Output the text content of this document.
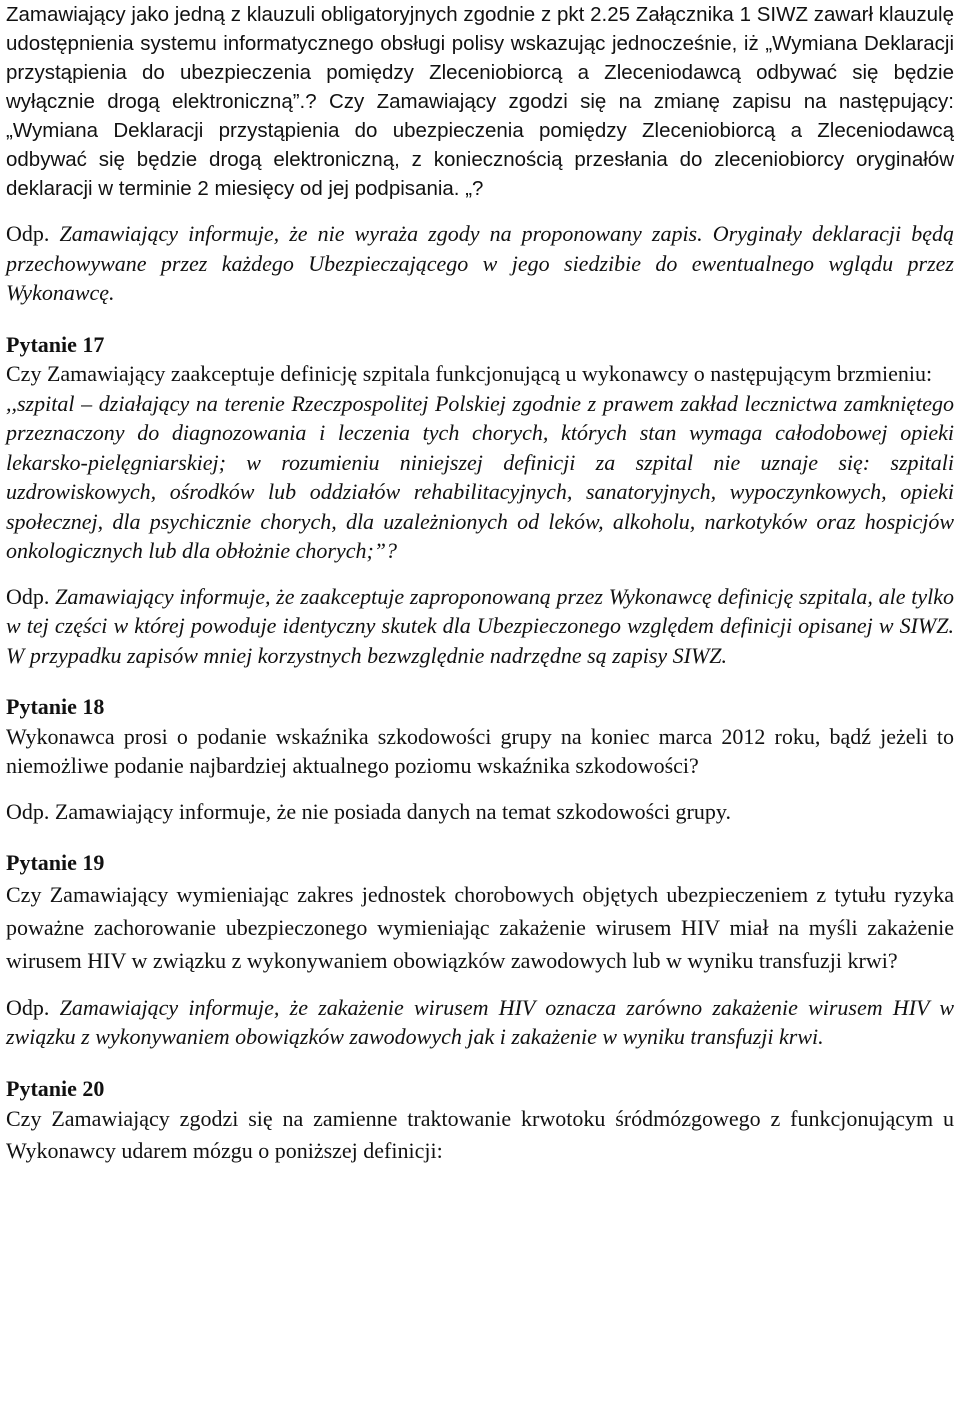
Zamawiający jako jedną z klauzuli obligatoryjnych zgodnie z pkt 2.25 Załącznika 1 SIWZ zawarł klauzulę udostępnienia systemu informatycznego obsługi polisy wskazując jednocześnie, iż „Wymiana Deklaracji przystąpienia do ubezpieczenia pomiędzy Zleceniobiorcą a Zleceniodawcą odbywać się będzie wyłącznie drogą elektroniczną”.? Czy Zamawiający zgodzi się na zmianę zapisu na następujący: „Wymiana Deklaracji przystąpienia do ubezpieczenia pomiędzy Zleceniobiorcą a Zleceniodawcą odbywać się będzie drogą elektroniczną, z koniecznością przesłania do zleceniobiorcy oryginałów deklaracji w terminie 2 miesięcy od jej podpisania. „?

Odp. Zamawiający informuje, że nie wyraża zgody na proponowany zapis. Oryginały deklaracji będą przechowywane przez każdego Ubezpieczającego w jego siedzibie do ewentualnego wglądu przez Wykonawcę.

Pytanie 17

Czy Zamawiający zaakceptuje definicję szpitala funkcjonującą u wykonawcy o następującym brzmieniu:

,,szpital – działający na terenie Rzeczpospolitej Polskiej zgodnie z prawem zakład lecznictwa zamkniętego przeznaczony do diagnozowania i leczenia tych chorych, których stan wymaga całodobowej opieki lekarsko-pielęgniarskiej; w rozumieniu niniejszej definicji za szpital nie uznaje się: szpitali uzdrowiskowych, ośrodków lub oddziałów rehabilitacyjnych, sanatoryjnych, wypoczynkowych, opieki społecznej, dla psychicznie chorych, dla uzależnionych od leków, alkoholu, narkotyków oraz hospicjów onkologicznych lub dla obłożnie chorych;”?

Odp. Zamawiający informuje, że zaakceptuje zaproponowaną przez Wykonawcę definicję szpitala, ale tylko w tej części w której powoduje identyczny skutek dla Ubezpieczonego względem definicji opisanej w SIWZ. W przypadku zapisów mniej korzystnych bezwzględnie nadrzędne są zapisy SIWZ.

Pytanie 18

Wykonawca prosi o podanie wskaźnika szkodowości grupy na koniec marca 2012 roku, bądź jeżeli to niemożliwe podanie najbardziej aktualnego poziomu wskaźnika szkodowości?

Odp. Zamawiający informuje, że nie posiada danych na temat szkodowości grupy.

Pytanie 19

Czy Zamawiający wymieniając zakres jednostek chorobowych objętych ubezpieczeniem z tytułu ryzyka poważne zachorowanie ubezpieczonego wymieniając zakażenie wirusem HIV miał na myśli zakażenie wirusem HIV w związku z wykonywaniem obowiązków zawodowych lub w wyniku transfuzji krwi?

Odp. Zamawiający informuje, że zakażenie wirusem HIV oznacza zarówno zakażenie wirusem HIV w związku z wykonywaniem obowiązków zawodowych jak i zakażenie w wyniku transfuzji krwi.

Pytanie 20

Czy Zamawiający zgodzi się na zamienne traktowanie krwotoku śródmózgowego z funkcjonującym u Wykonawcy udarem mózgu o poniższej definicji:
